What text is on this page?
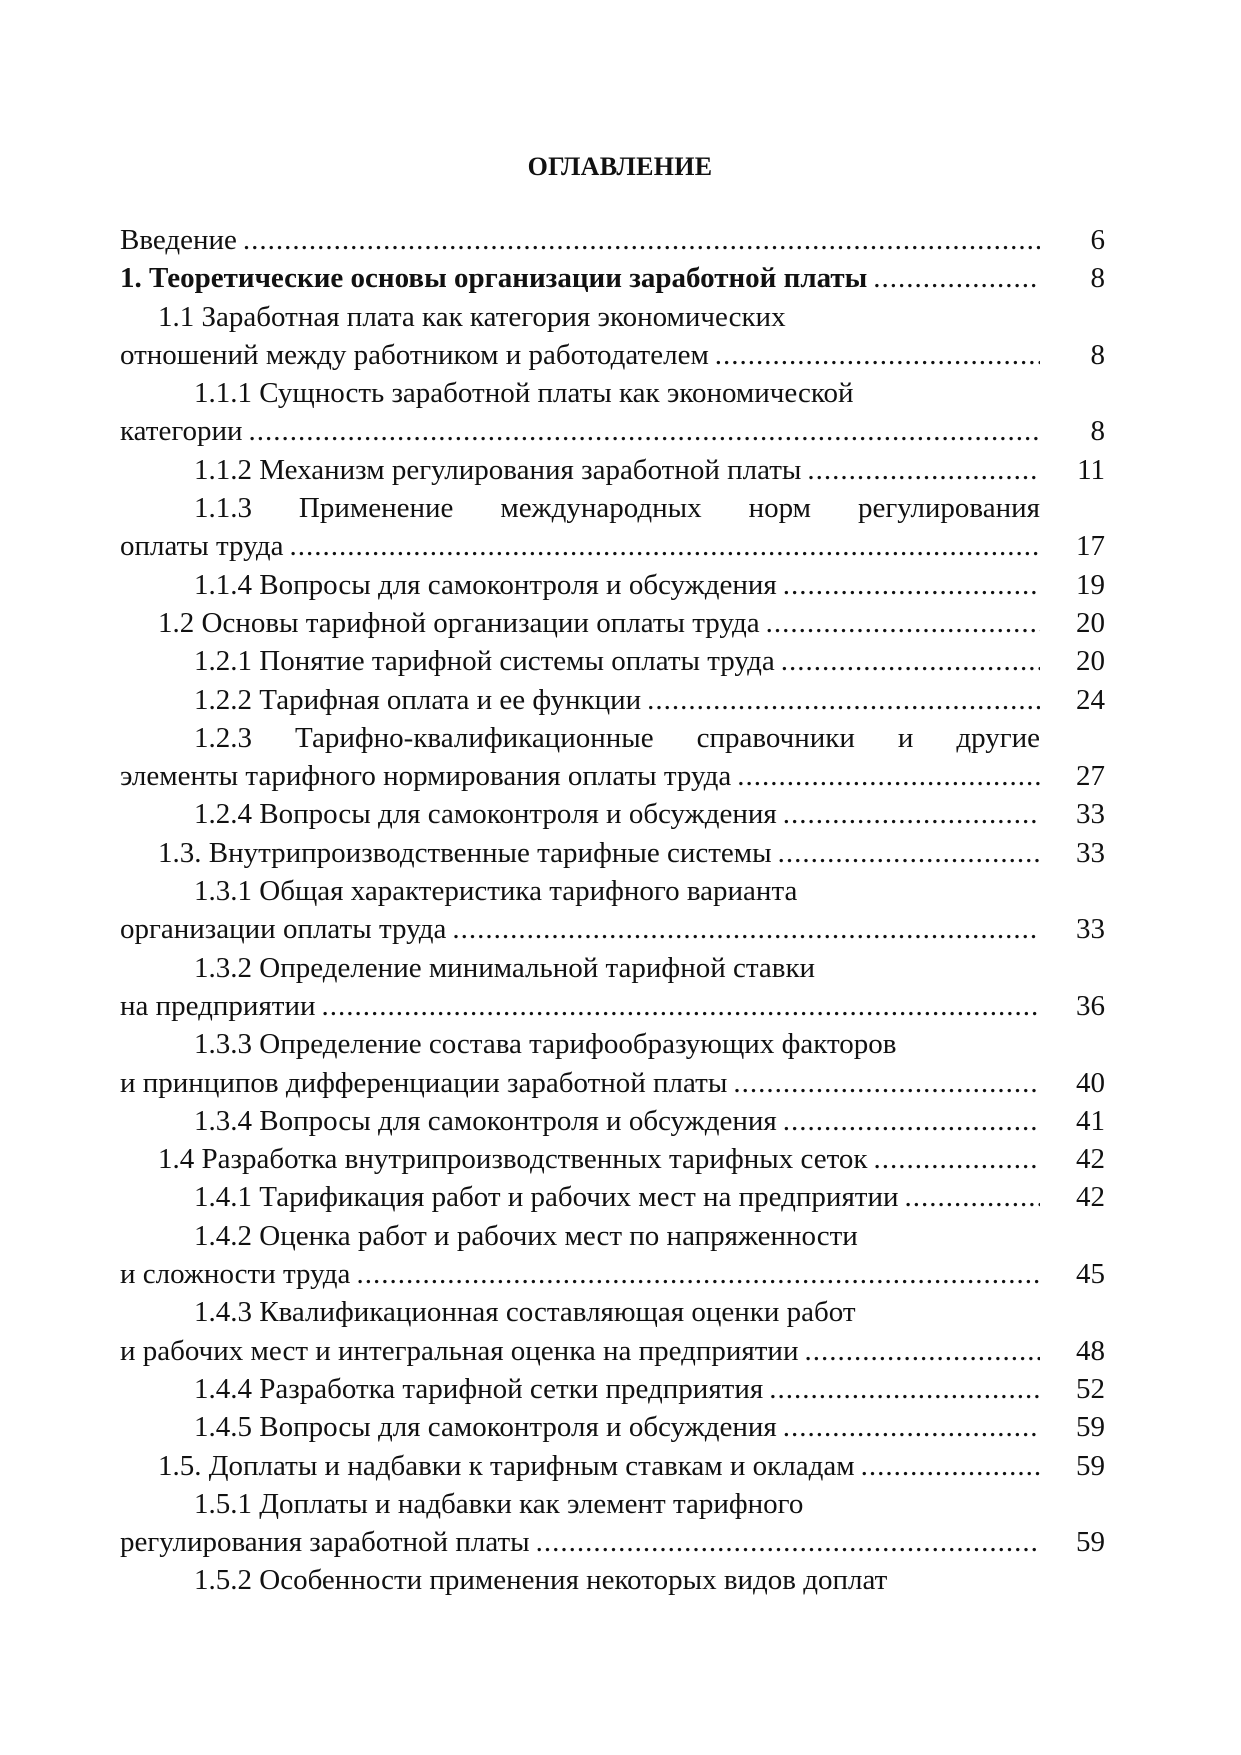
ОГЛАВЛЕНИЕ
Введение .....	6
1. Теоретические основы организации заработной платы .....	8
1.1 Заработная плата как категория экономических
отношений между работником и работодателем .....	8
1.1.1 Сущность заработной платы как экономической
категории .....	8
1.1.2 Механизм регулирования заработной платы .....	11
1.1.3 Применение международных норм регулирования
оплаты труда .....	17
1.1.4 Вопросы для самоконтроля и обсуждения .....	19
1.2 Основы тарифной организации оплаты труда .....	20
1.2.1 Понятие тарифной системы оплаты труда .....	20
1.2.2 Тарифная оплата и ее функции .....	24
1.2.3 Тарифно-квалификационные справочники и другие
элементы тарифного нормирования оплаты труда .....	27
1.2.4 Вопросы для самоконтроля и обсуждения .....	33
1.3. Внутрипроизводственные тарифные системы .....	33
1.3.1 Общая характеристика тарифного варианта
организации оплаты труда .....	33
1.3.2 Определение минимальной тарифной ставки
на предприятии .....	36
1.3.3 Определение состава тарифообразующих факторов
и принципов дифференциации заработной платы .....	40
1.3.4 Вопросы для самоконтроля и обсуждения .....	41
1.4 Разработка внутрипроизводственных тарифных сеток .....	42
1.4.1 Тарификация работ и рабочих мест на предприятии .....	42
1.4.2 Оценка работ и рабочих мест по напряженности
и сложности труда .....	45
1.4.3 Квалификационная составляющая оценки работ
и рабочих мест и интегральная оценка на предприятии .....	48
1.4.4 Разработка тарифной сетки предприятия .....	52
1.4.5 Вопросы для самоконтроля и обсуждения .....	59
1.5. Доплаты и надбавки к тарифным ставкам и окладам .....	59
1.5.1 Доплаты и надбавки как элемент тарифного
регулирования заработной платы .....	59
1.5.2 Особенности применения некоторых видов доплат
